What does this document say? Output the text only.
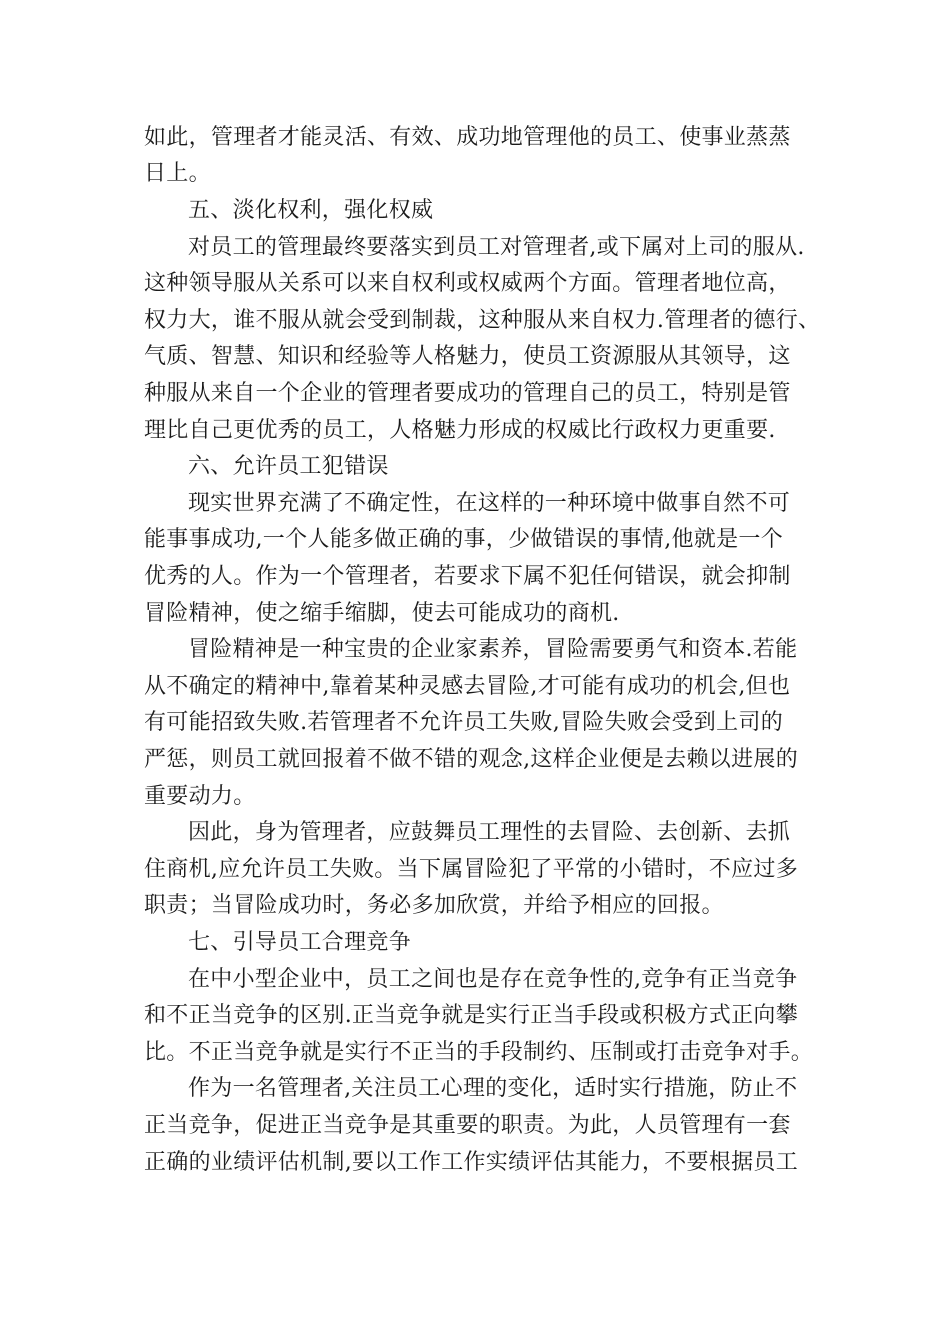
如此，管理者才能灵活、有效、成功地管理他的员工、使事业蒸蒸
日上。
五、淡化权利，强化权威
对员工的管理最终要落实到员工对管理者,或下属对上司的服从.
这种领导服从关系可以来自权利或权威两个方面。管理者地位高，
权力大，谁不服从就会受到制裁，这种服从来自权力.管理者的德行、
气质、智慧、知识和经验等人格魅力，使员工资源服从其领导，这
种服从来自一个企业的管理者要成功的管理自己的员工，特别是管
理比自己更优秀的员工，人格魅力形成的权威比行政权力更重要.
六、允许员工犯错误
现实世界充满了不确定性，在这样的一种环境中做事自然不可
能事事成功,一个人能多做正确的事，少做错误的事情,他就是一个
优秀的人。作为一个管理者，若要求下属不犯任何错误，就会抑制
冒险精神，使之缩手缩脚，使去可能成功的商机.
冒险精神是一种宝贵的企业家素养，冒险需要勇气和资本.若能
从不确定的精神中,靠着某种灵感去冒险,才可能有成功的机会,但也
有可能招致失败.若管理者不允许员工失败,冒险失败会受到上司的
严惩，则员工就回报着不做不错的观念,这样企业便是去赖以进展的
重要动力。
因此，身为管理者，应鼓舞员工理性的去冒险、去创新、去抓
住商机,应允许员工失败。当下属冒险犯了平常的小错时，不应过多
职责；当冒险成功时，务必多加欣赏，并给予相应的回报。
七、引导员工合理竞争
在中小型企业中，员工之间也是存在竞争性的,竞争有正当竞争
和不正当竞争的区别.正当竞争就是实行正当手段或积极方式正向攀
比。不正当竞争就是实行不正当的手段制约、压制或打击竞争对手。
作为一名管理者,关注员工心理的变化，适时实行措施，防止不
正当竞争，促进正当竞争是其重要的职责。为此，人员管理有一套
正确的业绩评估机制,要以工作工作实绩评估其能力，不要根据员工
